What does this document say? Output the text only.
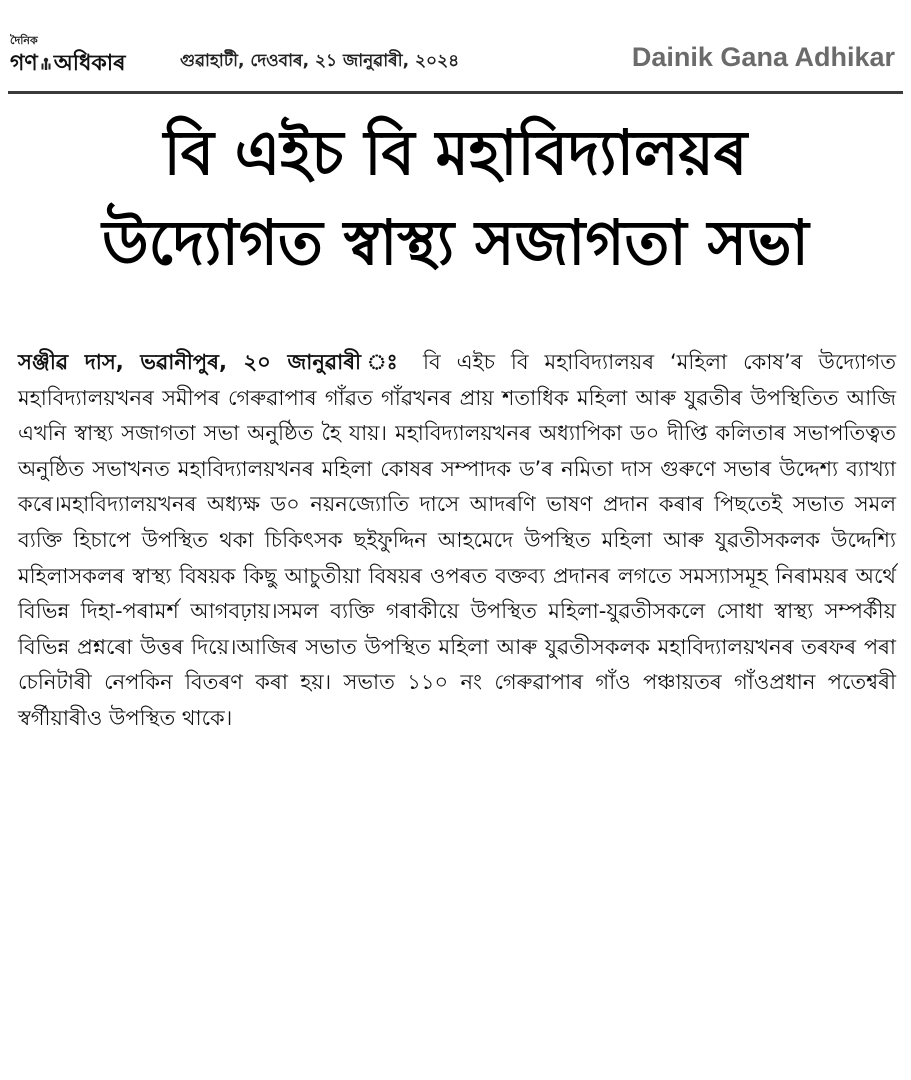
দৈনিক
গণ অধিকাৰ	গুৱাহাটী, দেওবাৰ, ২১ জানুৱাৰী, ২০২৪	Dainik Gana Adhikar
বি এইচ বি মহাবিদ্যালয়ৰ
উদ্যোগত স্বাস্থ্য সজাগতা সভা
সঞ্জীৱ দাস, ভৱানীপুৰ, ২০ জানুৱাৰী ঃ বি এইচ বি মহাবিদ্যালয়ৰ ‘মহিলা কোষ’ৰ উদ্যোগত মহাবিদ্যালয়খনৰ সমীপৰ গেৰুৱাপাৰ গাঁৱত গাঁৱখনৰ প্ৰায় শতাধিক মহিলা আৰু যুৱতীৰ উপস্থিতিত আজি এখনি স্বাস্থ্য সজাগতা সভা অনুষ্ঠিত হৈ যায়। মহাবিদ্যালয়খনৰ অধ্যাপিকা ড০ দীপ্তি কলিতাৰ সভাপতিত্বত অনুষ্ঠিত সভাখনত মহাবিদ্যালয়খনৰ মহিলা কোষৰ সম্পাদক ড’ৰ নমিতা দাস গুৰুণে সভাৰ উদ্দেশ্য ব্যাখ্যা কৰে।মহাবিদ্যালয়খনৰ অধ্যক্ষ ড০ নয়নজ্যোতি দাসে আদৰণি ভাষণ প্ৰদান কৰাৰ পিছতেই সভাত সমল ব্যক্তি হিচাপে উপস্থিত থকা চিকিৎসক ছইফুদ্দিন আহমেদে উপস্থিত মহিলা আৰু যুৱতীসকলক উদ্দেশ্যি মহিলাসকলৰ স্বাস্থ্য বিষয়ক কিছু আচুতীয়া বিষয়ৰ ওপৰত বক্তব্য প্ৰদানৰ লগতে সমস্যাসমূহ নিৰাময়ৰ অৰ্থে বিভিন্ন দিহা-পৰামৰ্শ আগবঢ়ায়।সমল ব্যক্তি গৰাকীয়ে উপস্থিত মহিলা-যুৱতীসকলে সোধা স্বাস্থ্য সম্পৰ্কীয় বিভিন্ন প্ৰশ্নৰো উত্তৰ দিয়ে।আজিৰ সভাত উপস্থিত মহিলা আৰু যুৱতীসকলক মহাবিদ্যালয়খনৰ তৰফৰ পৰা চেনিটাৰী নেপকিন বিতৰণ কৰা হয়। সভাত ১১০ নং গেৰুৱাপাৰ গাঁও পঞ্চায়তৰ গাঁওপ্ৰধান পতেশ্বৰী স্বৰ্গীয়াৰীও উপস্থিত থাকে।
